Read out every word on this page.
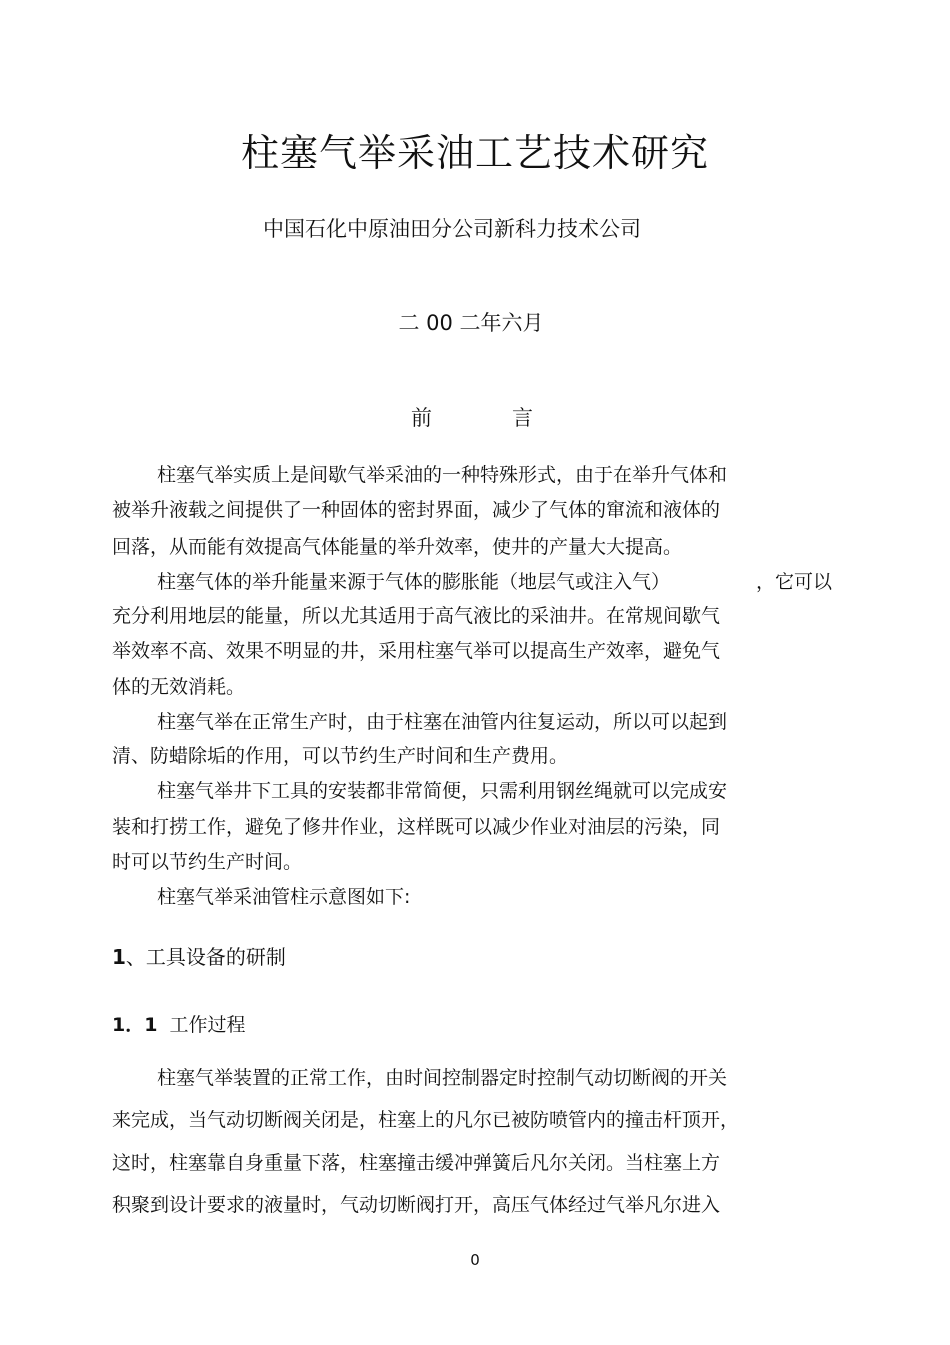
柱塞气举采油工艺技术研究
中国石化中原油田分公司新科力技术公司
二 00 二年六月
前	言
柱塞气举实质上是间歇气举采油的一种特殊形式，由于在举升气体和
被举升液载之间提供了一种固体的密封界面，减少了气体的窜流和液体的
回落，从而能有效提高气体能量的举升效率，使井的产量大大提高。
柱塞气体的举升能量来源于气体的膨胀能（地层气或注入气）	，它可以
充分利用地层的能量，所以尤其适用于高气液比的采油井。在常规间歇气
举效率不高、效果不明显的井，采用柱塞气举可以提高生产效率，避免气
体的无效消耗。
柱塞气举在正常生产时，由于柱塞在油管内往复运动，所以可以起到
清、防蜡除垢的作用，可以节约生产时间和生产费用。
柱塞气举井下工具的安装都非常简便，只需利用钢丝绳就可以完成安
装和打捞工作，避免了修井作业，这样既可以减少作业对油层的污染，同
时可以节约生产时间。
柱塞气举采油管柱示意图如下:
1、工具设备的研制
1．1 工作过程
柱塞气举装置的正常工作，由时间控制器定时控制气动切断阀的开关
来完成，当气动切断阀关闭是，柱塞上的凡尔已被防喷管内的撞击杆顶开，
这时，柱塞靠自身重量下落，柱塞撞击缓冲弹簧后凡尔关闭。当柱塞上方
积聚到设计要求的液量时，气动切断阀打开，高压气体经过气举凡尔进入
0
